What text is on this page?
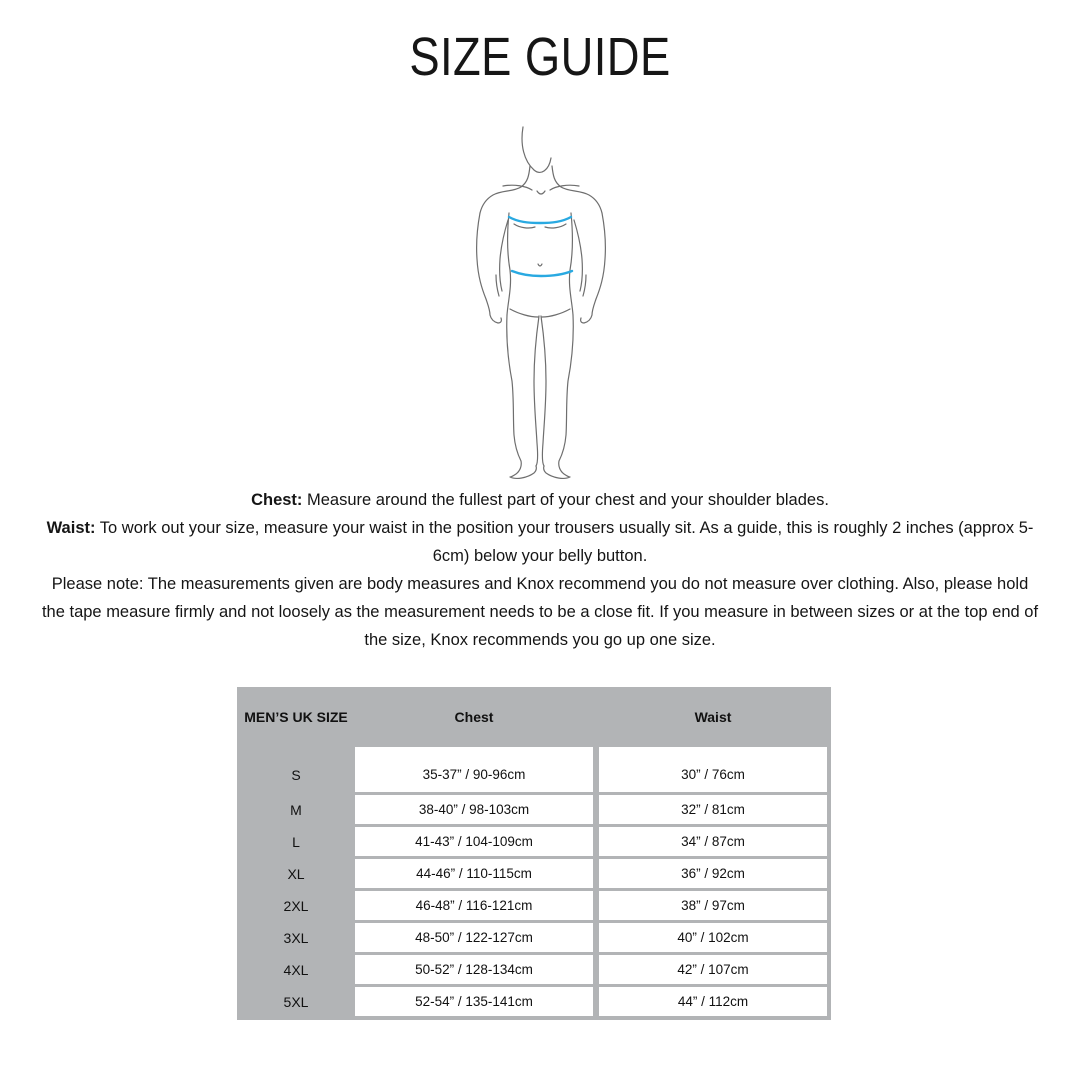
SIZE GUIDE

Chest: Measure around the fullest part of your chest and your shoulder blades.

Waist: To work out your size, measure your waist in the position your trousers usually sit. As a guide, this is roughly 2 inches (approx 5-6cm) below your belly button.

Please note: The measurements given are body measures and Knox recommend you do not measure over clothing. Also, please hold the tape measure firmly and not loosely as the measurement needs to be a close fit. If you measure in between sizes or at the top end of the size, Knox recommends you go up one size.

MEN’S UK SIZE	Chest	Waist
S	35-37” / 90-96cm	30” / 76cm
M	38-40” / 98-103cm	32” / 81cm
L	41-43” / 104-109cm	34” / 87cm
XL	44-46” / 110-115cm	36” / 92cm
2XL	46-48” / 116-121cm	38” / 97cm
3XL	48-50” / 122-127cm	40” / 102cm
4XL	50-52” / 128-134cm	42” / 107cm
5XL	52-54” / 135-141cm	44” / 112cm
